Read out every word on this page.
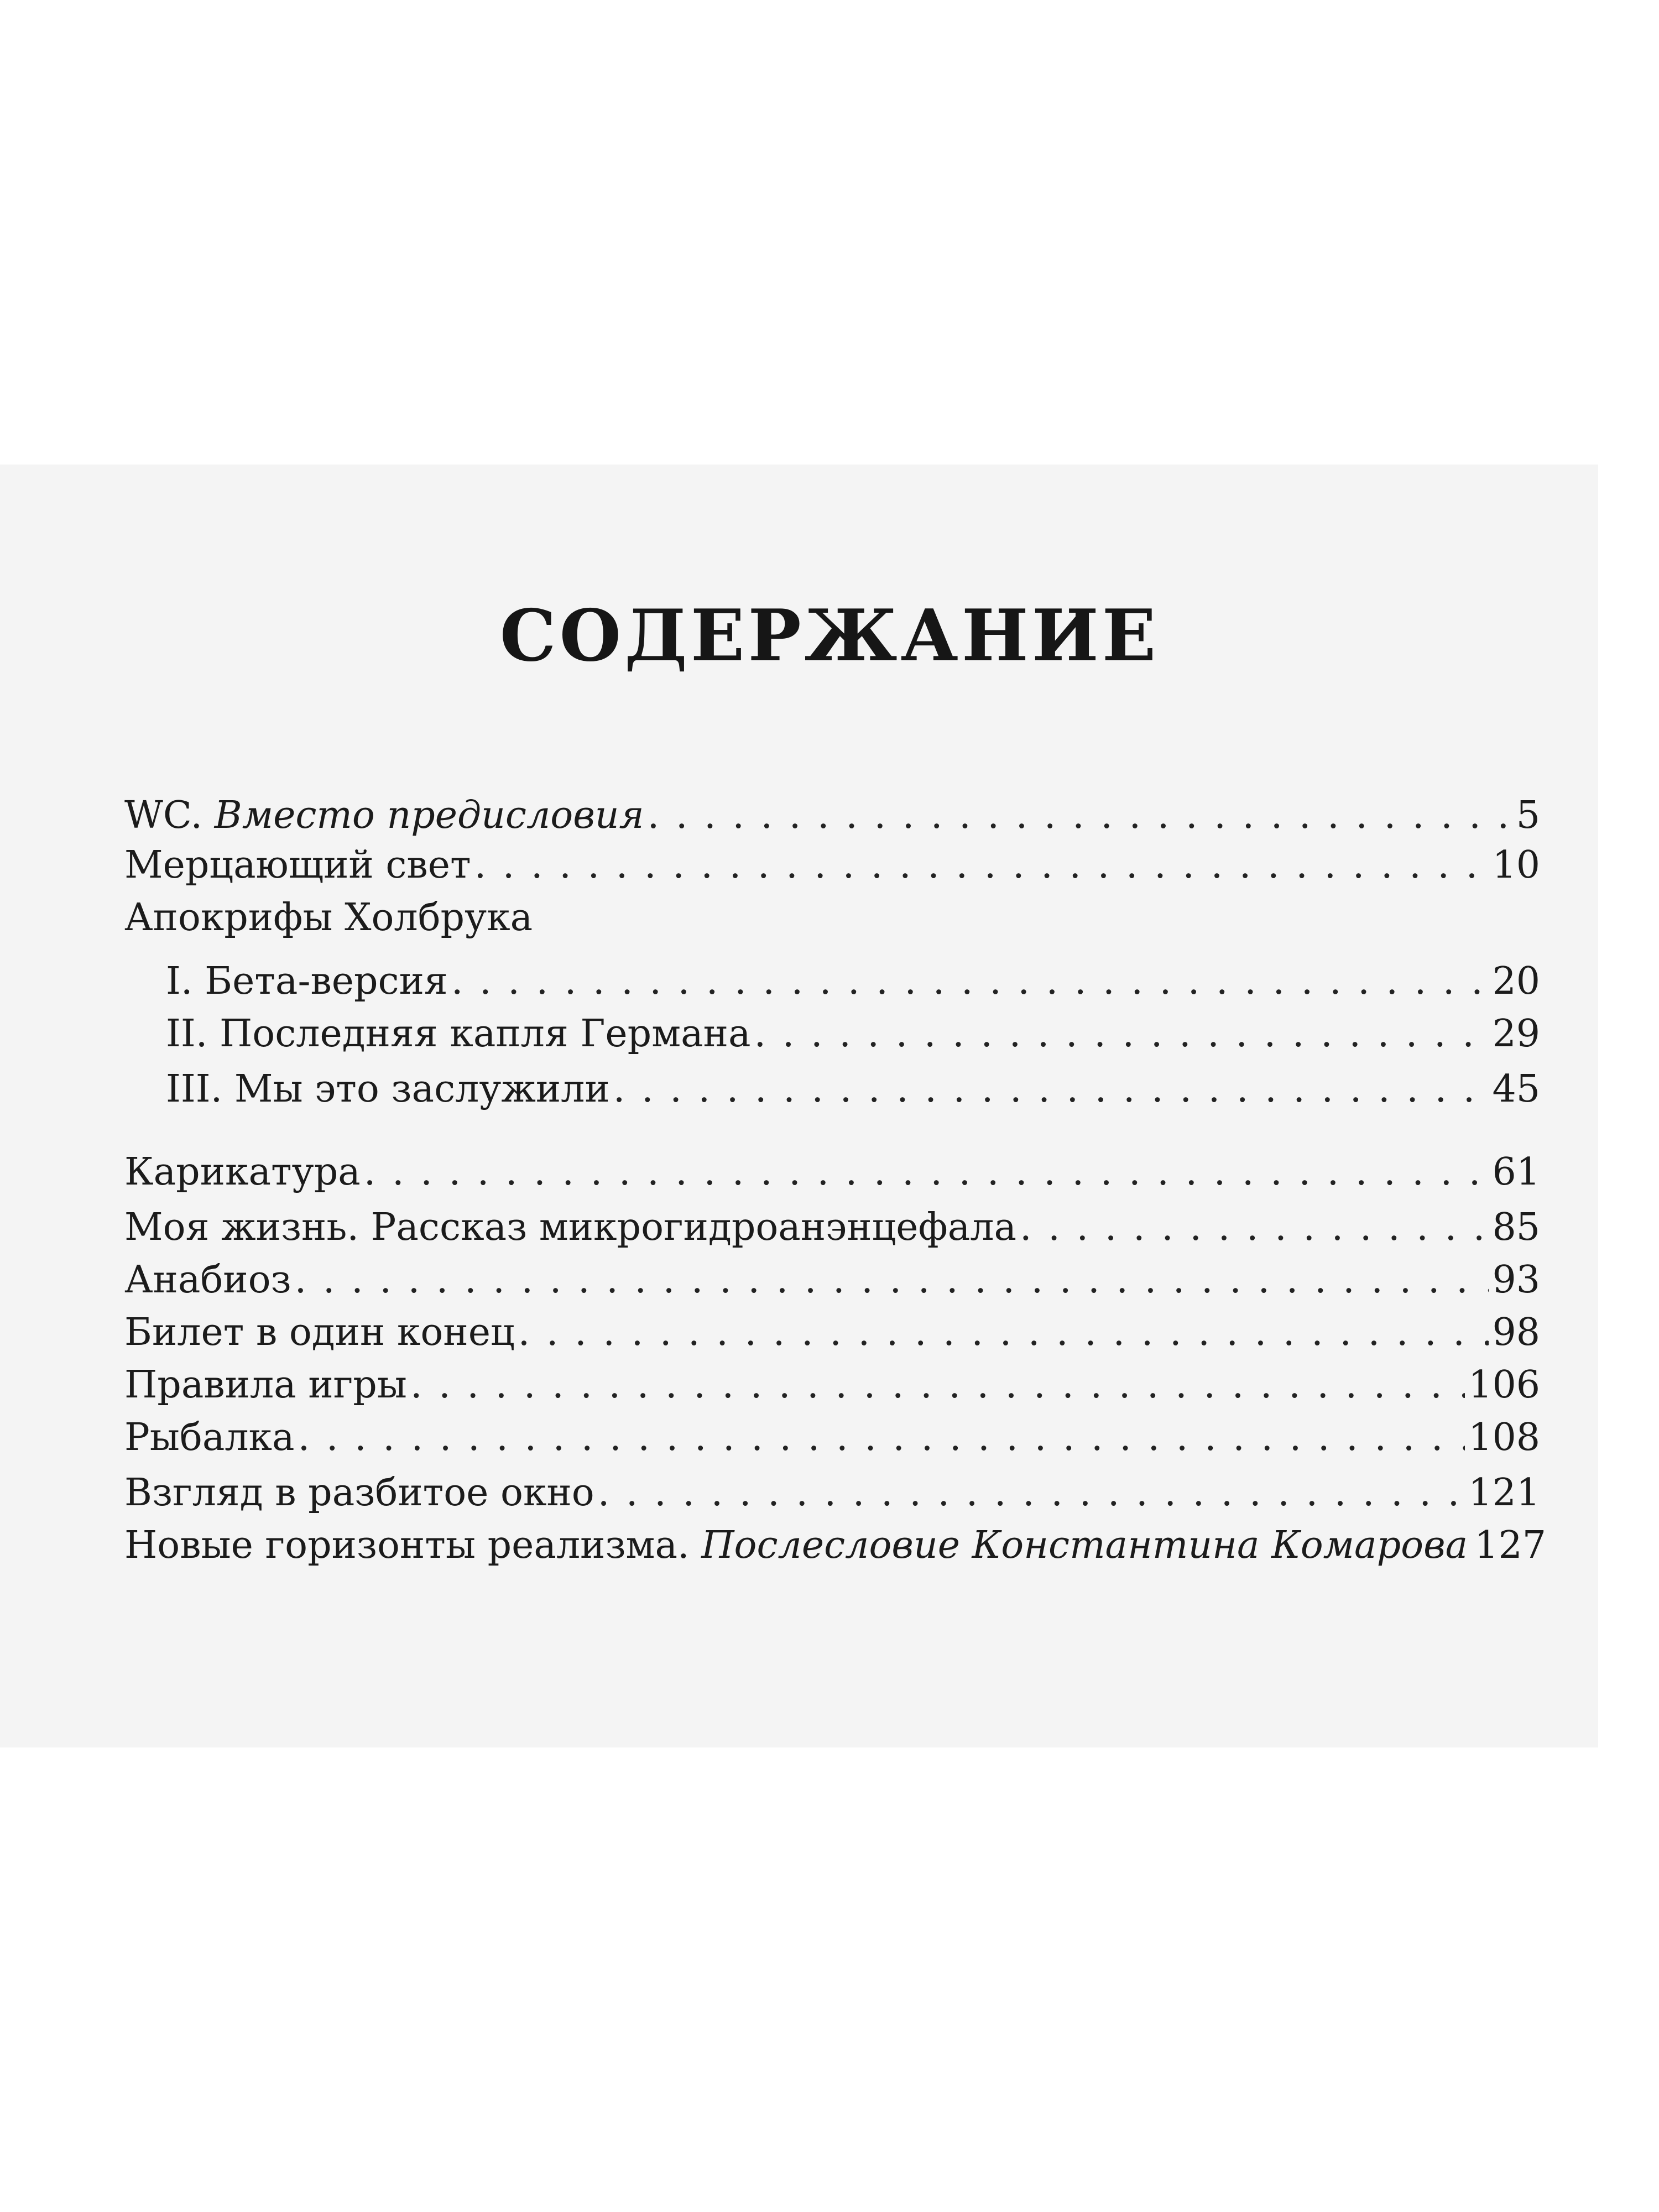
СОДЕРЖАНИЕ
WC. Вместо предисловия . . .	5
Мерцающий свет . . .	10
Апокрифы Холбрука
I. Бета-версия . . .	20
II. Последняя капля Германа . . .	29
III. Мы это заслужили . . .	45
Карикатура . . .	61
Моя жизнь. Рассказ микрогидроанэнцефала . . .	85
Анабиоз . . .	93
Билет в один конец . . .	98
Правила игры . . .	106
Рыбалка . . .	108
Взгляд в разбитое окно . . .	121
Новые горизонты реализма. Послесловие Константина Комарова 127
